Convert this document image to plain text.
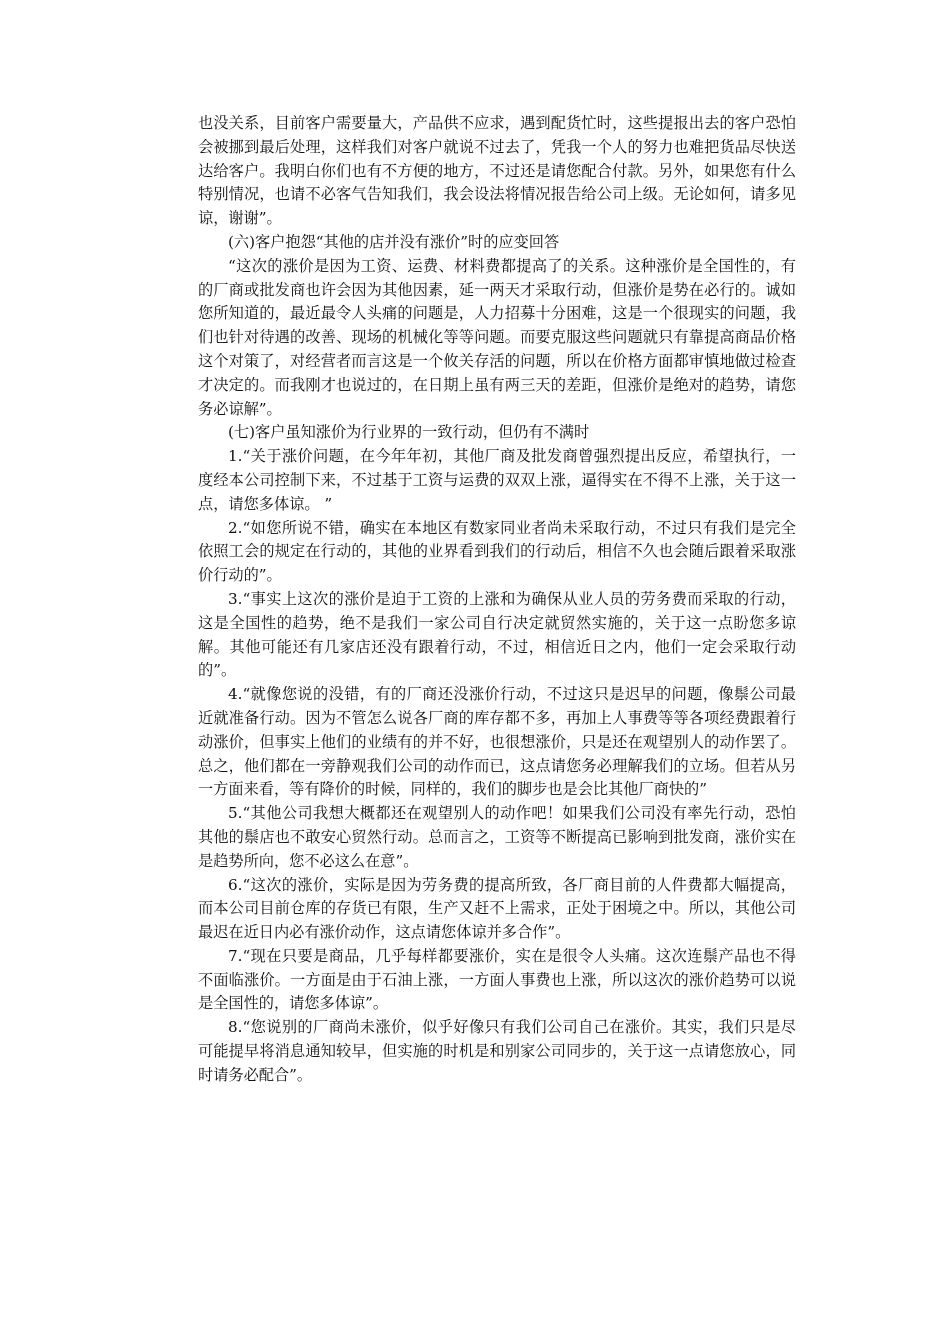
也没关系，目前客户需要量大，产品供不应求，遇到配货忙时，这些提报出去的客户恐怕会被挪到最后处理，这样我们对客户就说不过去了，凭我一个人的努力也难把货品尽快送达给客户。我明白你们也有不方便的地方，不过还是请您配合付款。另外，如果您有什么特别情况，也请不必客气告知我们，我会设法将情况报告给公司上级。无论如何，请多见谅，谢谢”。

(六)客户抱怨“其他的店并没有涨价”时的应变回答

“这次的涨价是因为工资、运费、材料费都提高了的关系。这种涨价是全国性的，有的厂商或批发商也许会因为其他因素，延一两天才采取行动，但涨价是势在必行的。诚如您所知道的，最近最令人头痛的问题是，人力招募十分困难，这是一个很现实的问题，我们也针对待遇的改善、现场的机械化等等问题。而要克服这些问题就只有靠提高商品价格这个对策了，对经营者而言这是一个攸关存活的问题，所以在价格方面都审慎地做过检查才决定的。而我刚才也说过的，在日期上虽有两三天的差距，但涨价是绝对的趋势，请您务必谅解”。

(七)客户虽知涨价为行业界的一致行动，但仍有不满时

1.“关于涨价问题，在今年年初，其他厂商及批发商曾强烈提出反应，希望执行，一度经本公司控制下来，不过基于工资与运费的双双上涨，逼得实在不得不上涨，关于这一点，请您多体谅。 ”

2.“如您所说不错，确实在本地区有数家同业者尚未采取行动，不过只有我们是完全依照工会的规定在行动的，其他的业界看到我们的行动后，相信不久也会随后跟着采取涨价行动的”。

3.“事实上这次的涨价是迫于工资的上涨和为确保从业人员的劳务费而采取的行动，这是全国性的趋势，绝不是我们一家公司自行决定就贸然实施的，关于这一点盼您多谅解。其他可能还有几家店还没有跟着行动，不过，相信近日之内，他们一定会采取行动的”。

4.“就像您说的没错，有的厂商还没涨价行动，不过这只是迟早的问题，像鬃公司最近就准备行动。因为不管怎么说各厂商的库存都不多，再加上人事费等等各项经费跟着行动涨价，但事实上他们的业绩有的并不好，也很想涨价，只是还在观望别人的动作罢了。总之，他们都在一旁静观我们公司的动作而已，这点请您务必理解我们的立场。但若从另一方面来看，等有降价的时候，同样的，我们的脚步也是会比其他厂商快的”

5.“其他公司我想大概都还在观望别人的动作吧！如果我们公司没有率先行动，恐怕其他的鬃店也不敢安心贸然行动。总而言之，工资等不断提高已影响到批发商，涨价实在是趋势所向，您不必这么在意”。

6.“这次的涨价，实际是因为劳务费的提高所致，各厂商目前的人件费都大幅提高，而本公司目前仓库的存货已有限，生产又赶不上需求，正处于困境之中。所以，其他公司最迟在近日内必有涨价动作，这点请您体谅并多合作”。

7.“现在只要是商品，几乎每样都要涨价，实在是很令人头痛。这次连鬃产品也不得不面临涨价。一方面是由于石油上涨，一方面人事费也上涨，所以这次的涨价趋势可以说是全国性的，请您多体谅”。

8.“您说别的厂商尚未涨价，似乎好像只有我们公司自己在涨价。其实，我们只是尽可能提早将消息通知较早，但实施的时机是和别家公司同步的，关于这一点请您放心，同时请务必配合”。
